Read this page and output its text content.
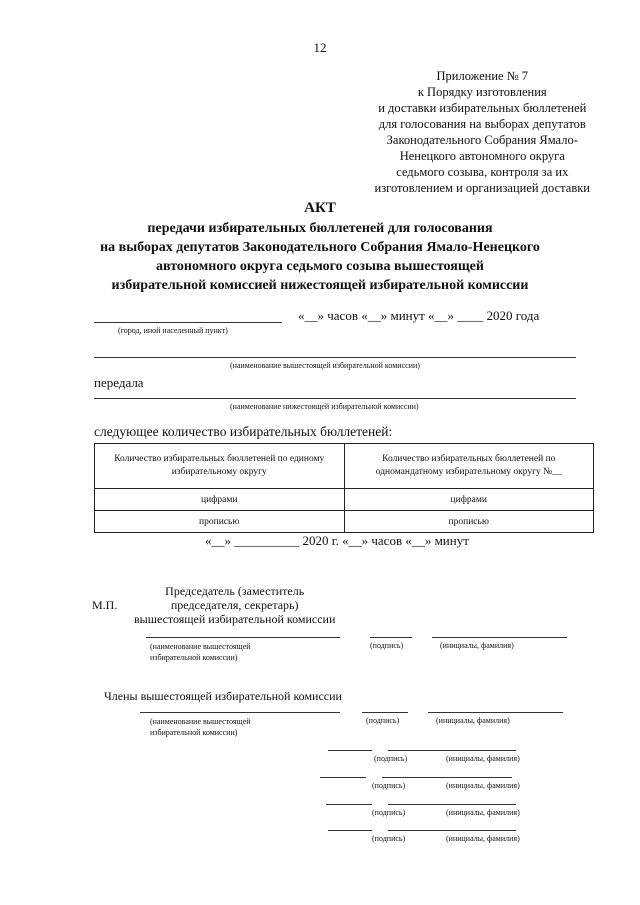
12
Приложение № 7
к Порядку изготовления
и доставки избирательных бюллетеней
для голосования на выборах депутатов
Законодательного Собрания Ямало-
Ненецкого автономного округа
седьмого созыва, контроля за их
изготовлением и организацией доставки
АКТ
передачи избирательных бюллетеней для голосования
на выборах депутатов Законодательного Собрания Ямало-Ненецкого
автономного округа седьмого созыва вышестоящей
избирательной комиссией нижестоящей избирательной комиссии
«__» часов «__» минут «__» ____ 2020 года
(город, иной населенный пункт)
(наименование вышестоящей избирательной комиссии)
передала
(наименование нижестоящей избирательной комиссии)
следующее количество избирательных бюллетеней:
Количество избирательных бюллетеней по единому избирательному округу	Количество избирательных бюллетеней по одномандатному избирательному округу №__
цифрами	цифрами
прописью	прописью
«__» __________ 2020 г. «__» часов «__» минут
М.П.
Председатель (заместитель
председателя, секретарь)
вышестоящей избирательной комиссии
(наименование вышестоящей
избирательной комиссии)
(подпись)	(инициалы, фамилия)
Члены вышестоящей избирательной комиссии
(наименование вышестоящей
избирательной комиссии)
(подпись)	(инициалы, фамилия)
(подпись)	(инициалы, фамилия)
(подпись)	(инициалы, фамилия)
(подпись)	(инициалы, фамилия)
(подпись)	(инициалы, фамилия)
